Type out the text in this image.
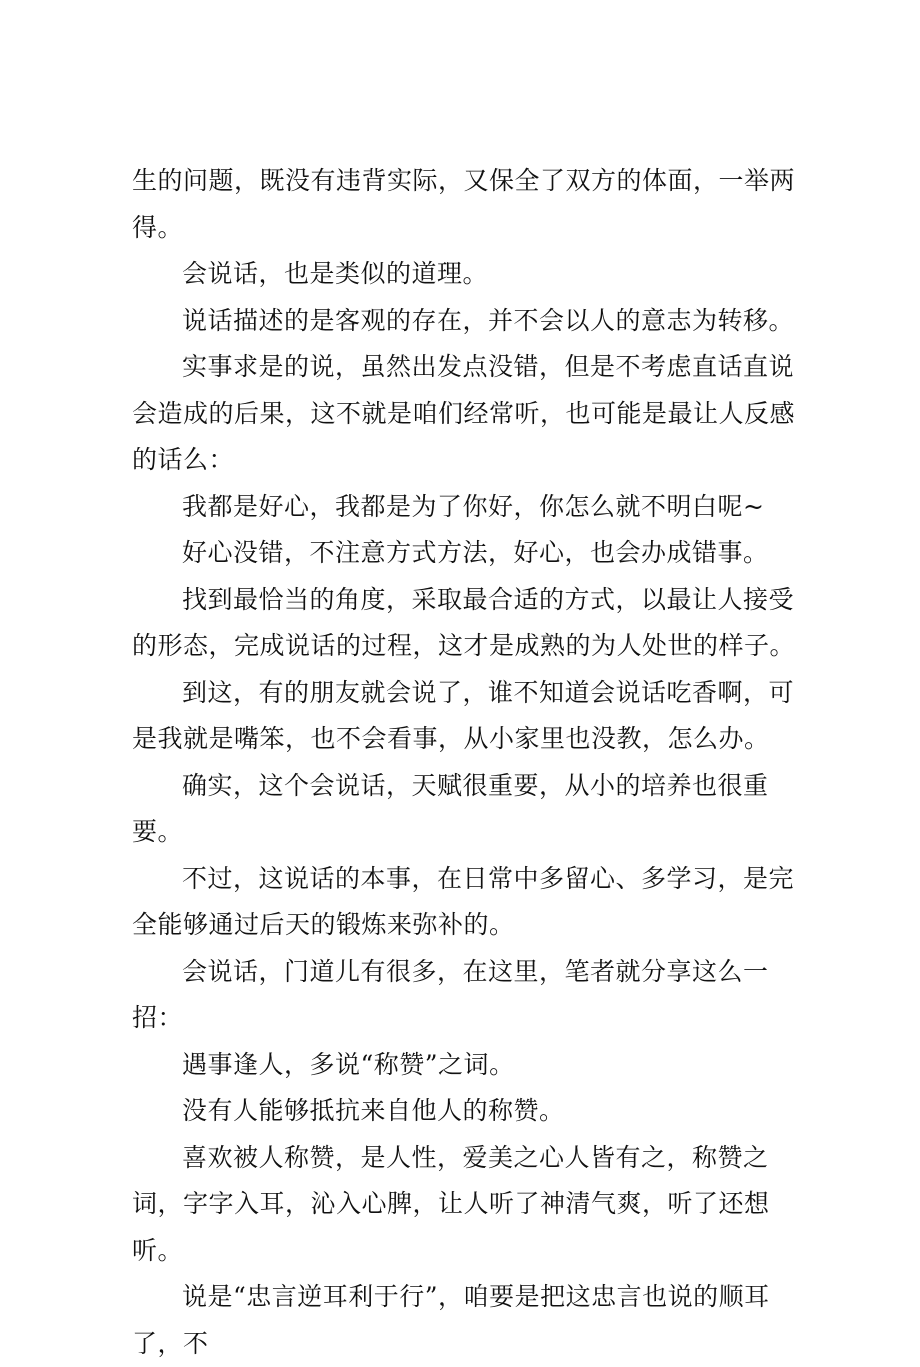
生的问题，既没有违背实际，又保全了双方的体面，一举两得。

会说话，也是类似的道理。

说话描述的是客观的存在，并不会以人的意志为转移。

实事求是的说，虽然出发点没错，但是不考虑直话直说会造成的后果，这不就是咱们经常听，也可能是最让人反感的话么：

我都是好心，我都是为了你好，你怎么就不明白呢~

好心没错，不注意方式方法，好心，也会办成错事。

找到最恰当的角度，采取最合适的方式，以最让人接受的形态，完成说话的过程，这才是成熟的为人处世的样子。

到这，有的朋友就会说了，谁不知道会说话吃香啊，可是我就是嘴笨，也不会看事，从小家里也没教，怎么办。

确实，这个会说话，天赋很重要，从小的培养也很重要。

不过，这说话的本事，在日常中多留心、多学习，是完全能够通过后天的锻炼来弥补的。

会说话，门道儿有很多，在这里，笔者就分享这么一招：

遇事逢人，多说“称赞”之词。

没有人能够抵抗来自他人的称赞。

喜欢被人称赞，是人性，爱美之心人皆有之，称赞之词，字字入耳，沁入心脾，让人听了神清气爽，听了还想听。

说是“忠言逆耳利于行”，咱要是把这忠言也说的顺耳了，不
